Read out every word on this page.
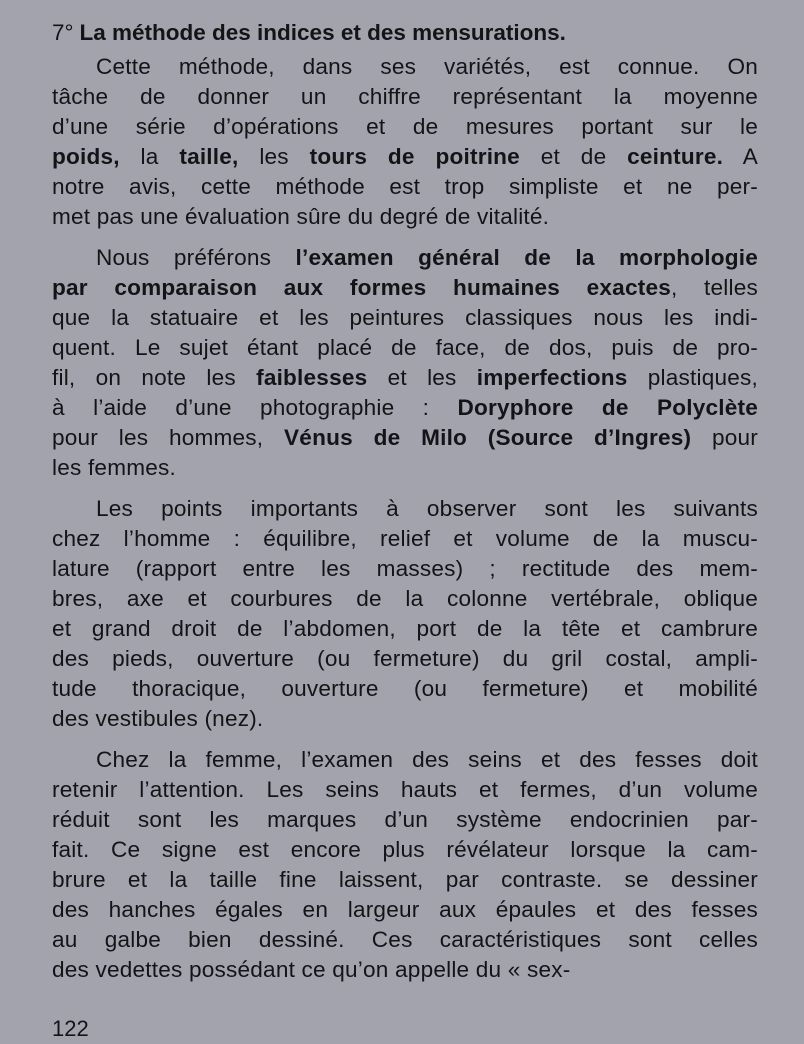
7° La méthode des indices et des mensurations.
Cette méthode, dans ses variétés, est connue. On
tâche de donner un chiffre représentant la moyenne
d’une série d’opérations et de mesures portant sur le
poids, la taille, les tours de poitrine et de ceinture. A
notre avis, cette méthode est trop simpliste et ne per-
met pas une évaluation sûre du degré de vitalité.
Nous préférons l’examen général de la morphologie
par comparaison aux formes humaines exactes, telles
que la statuaire et les peintures classiques nous les indi-
quent. Le sujet étant placé de face, de dos, puis de pro-
fil, on note les faiblesses et les imperfections plastiques,
à l’aide d’une photographie : Doryphore de Polyclète
pour les hommes, Vénus de Milo (Source d’Ingres) pour
les femmes.
Les points importants à observer sont les suivants
chez l’homme : équilibre, relief et volume de la muscu-
lature (rapport entre les masses) ; rectitude des mem-
bres, axe et courbures de la colonne vertébrale, oblique
et grand droit de l’abdomen, port de la tête et cambrure
des pieds, ouverture (ou fermeture) du gril costal, ampli-
tude thoracique, ouverture (ou fermeture) et mobilité
des vestibules (nez).
Chez la femme, l’examen des seins et des fesses doit
retenir l’attention. Les seins hauts et fermes, d’un volume
réduit sont les marques d’un système endocrinien par-
fait. Ce signe est encore plus révélateur lorsque la cam-
brure et la taille fine laissent, par contraste. se dessiner
des hanches égales en largeur aux épaules et des fesses
au galbe bien dessiné. Ces caractéristiques sont celles
des vedettes possédant ce qu’on appelle du « sex-
122
